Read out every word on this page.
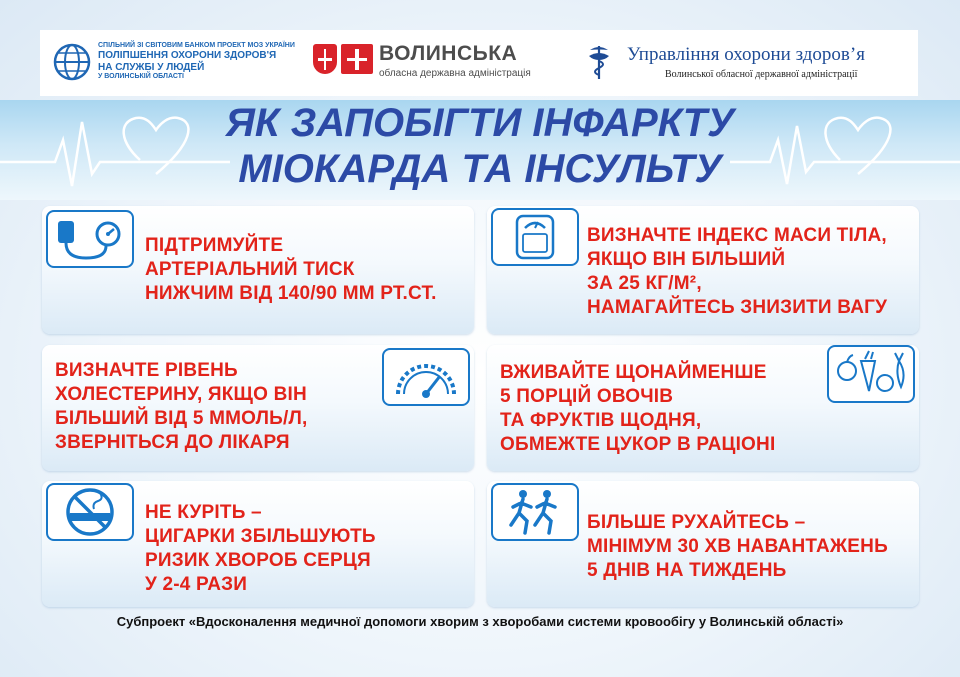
СПІЛЬНИЙ ЗІ СВІТОВИМ БАНКОМ ПРОЕКТ МОЗ УКРАЇНИ
ПОЛІПШЕННЯ ОХОРОНИ ЗДОРОВ'Я
НА СЛУЖБІ У ЛЮДЕЙ
У ВОЛИНСЬКІЙ ОБЛАСТІ
ВОЛИНСЬКА
обласна державна адміністрація
Управління охорони здоров’я
Волинської обласної державної адміністрації
ЯК ЗАПОБІГТИ ІНФАРКТУ
МІОКАРДА ТА ІНСУЛЬТУ
ПІДТРИМУЙТЕ
АРТЕРІАЛЬНИЙ ТИСК
НИЖЧИМ ВІД 140/90 ММ РТ.СТ.
ВИЗНАЧТЕ ІНДЕКС МАСИ ТІЛА,
ЯКЩО ВІН БІЛЬШИЙ
ЗА 25 КГ/М²,
НАМАГАЙТЕСЬ ЗНИЗИТИ ВАГУ
ВИЗНАЧТЕ РІВЕНЬ
ХОЛЕСТЕРИНУ, ЯКЩО ВІН
БІЛЬШИЙ ВІД 5 ММОЛЬ/Л,
ЗВЕРНІТЬСЯ ДО ЛІКАРЯ
ВЖИВАЙТЕ ЩОНАЙМЕНШЕ
5 ПОРЦІЙ ОВОЧІВ
ТА ФРУКТІВ ЩОДНЯ,
ОБМЕЖТЕ ЦУКОР В РАЦІОНІ
НЕ КУРІТЬ –
ЦИГАРКИ ЗБІЛЬШУЮТЬ
РИЗИК ХВОРОБ СЕРЦЯ
У 2-4 РАЗИ
БІЛЬШЕ РУХАЙТЕСЬ –
МІНІМУМ 30 ХВ НАВАНТАЖЕНЬ
5 ДНІВ НА ТИЖДЕНЬ
Субпроект «Вдосконалення медичної допомоги хворим з хворобами системи кровообігу у Волинській області»
